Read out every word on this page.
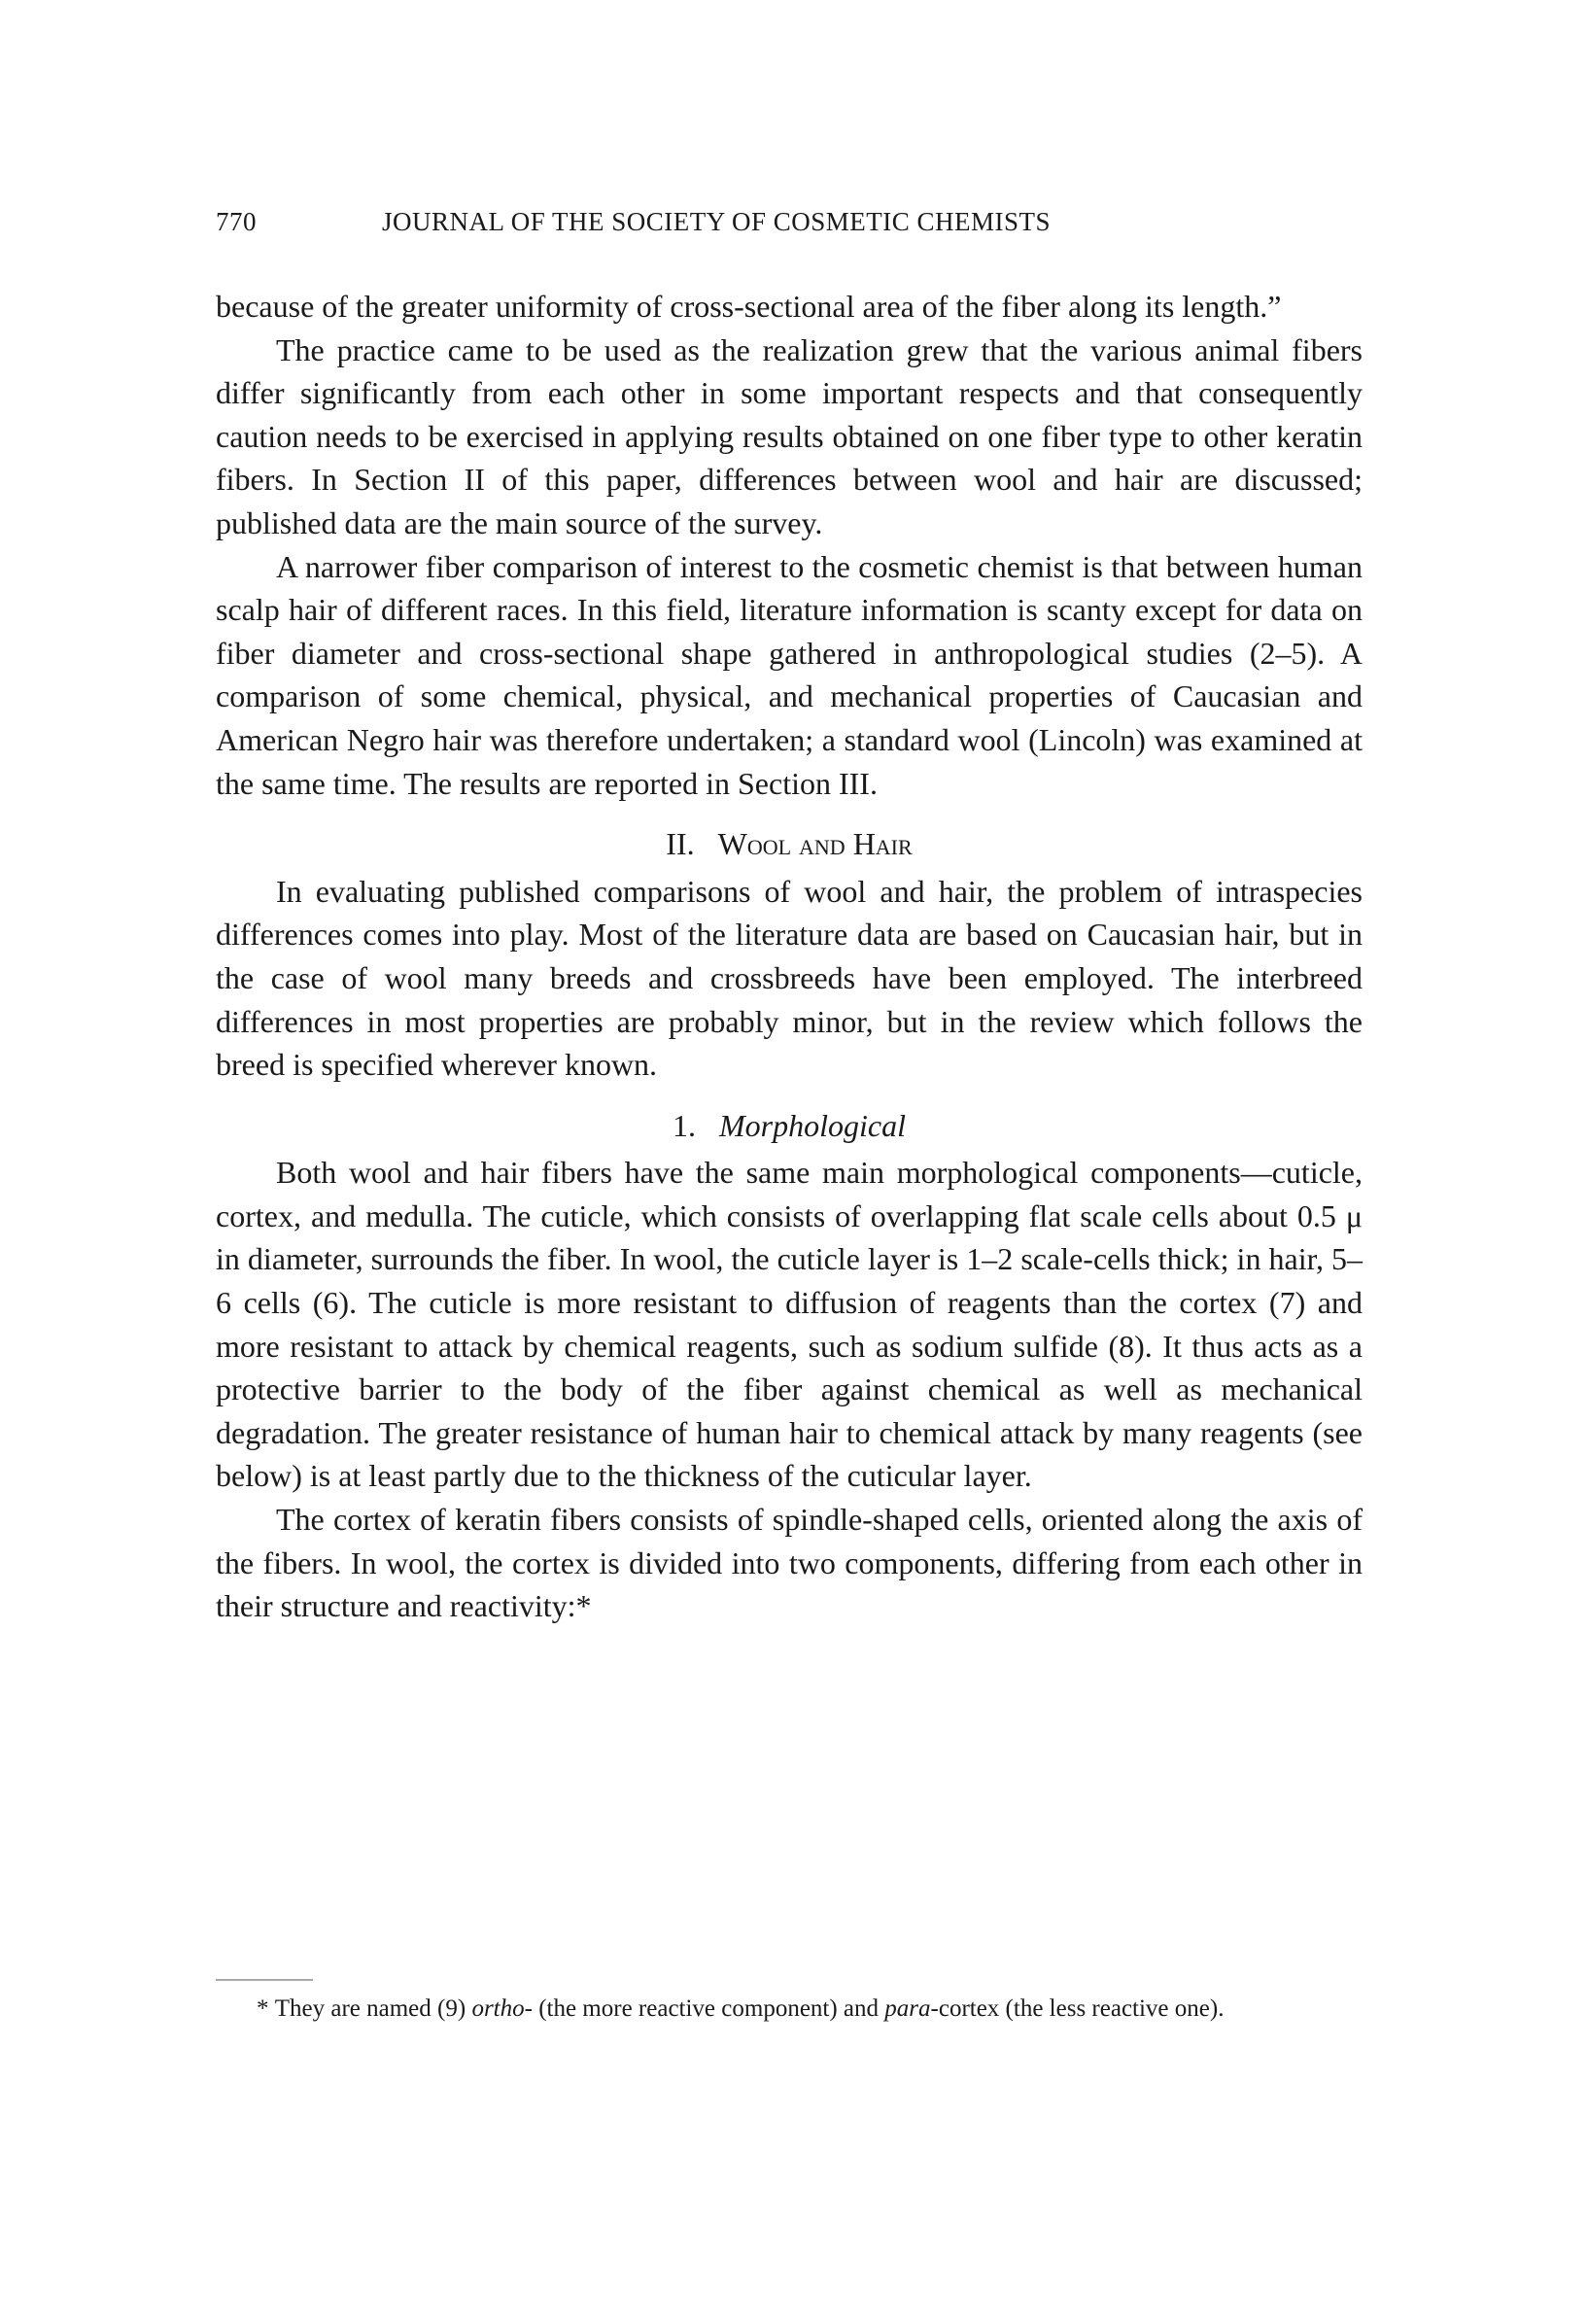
770	JOURNAL OF THE SOCIETY OF COSMETIC CHEMISTS

because of the greater uniformity of cross-sectional area of the fiber along its length.”

The practice came to be used as the realization grew that the various animal fibers differ significantly from each other in some important respects and that consequently caution needs to be exercised in applying results obtained on one fiber type to other keratin fibers. In Section II of this paper, differences between wool and hair are discussed; published data are the main source of the survey.

A narrower fiber comparison of interest to the cosmetic chemist is that between human scalp hair of different races. In this field, literature information is scanty except for data on fiber diameter and cross-sectional shape gathered in anthropological studies (2–5). A comparison of some chemical, physical, and mechanical properties of Caucasian and American Negro hair was therefore undertaken; a standard wool (Lincoln) was examined at the same time. The results are reported in Section III.

II. Wool and Hair

In evaluating published comparisons of wool and hair, the problem of intraspecies differences comes into play. Most of the literature data are based on Caucasian hair, but in the case of wool many breeds and crossbreeds have been employed. The interbreed differences in most properties are probably minor, but in the review which follows the breed is specified wherever known.

1. Morphological

Both wool and hair fibers have the same main morphological components—cuticle, cortex, and medulla. The cuticle, which consists of overlapping flat scale cells about 0.5 μ in diameter, surrounds the fiber. In wool, the cuticle layer is 1–2 scale-cells thick; in hair, 5–6 cells (6). The cuticle is more resistant to diffusion of reagents than the cortex (7) and more resistant to attack by chemical reagents, such as sodium sulfide (8). It thus acts as a protective barrier to the body of the fiber against chemical as well as mechanical degradation. The greater resistance of human hair to chemical attack by many reagents (see below) is at least partly due to the thickness of the cuticular layer.

The cortex of keratin fibers consists of spindle-shaped cells, oriented along the axis of the fibers. In wool, the cortex is divided into two components, differing from each other in their structure and reactivity:*

* They are named (9) ortho- (the more reactive component) and para-cortex (the less reactive one).
